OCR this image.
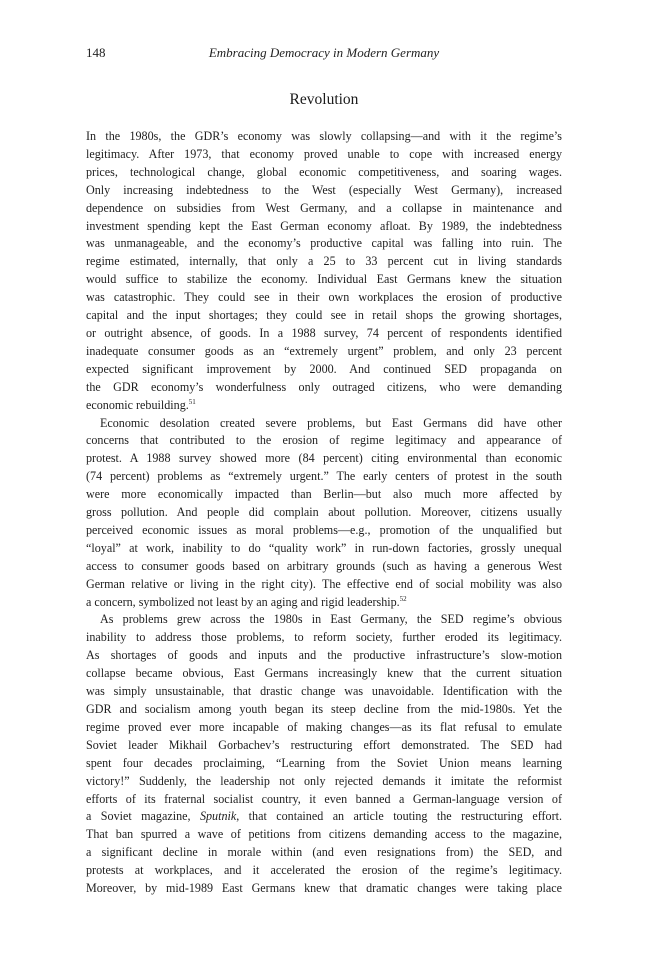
148	Embracing Democracy in Modern Germany
Revolution
In the 1980s, the GDR’s economy was slowly collapsing—and with it the regime’s
legitimacy. After 1973, that economy proved unable to cope with increased energy
prices, technological change, global economic competitiveness, and soaring wages.
Only increasing indebtedness to the West (especially West Germany), increased
dependence on subsidies from West Germany, and a collapse in maintenance and
investment spending kept the East German economy afloat. By 1989, the indebtedness
was unmanageable, and the economy’s productive capital was falling into ruin. The
regime estimated, internally, that only a 25 to 33 percent cut in living standards
would suffice to stabilize the economy. Individual East Germans knew the situation
was catastrophic. They could see in their own workplaces the erosion of productive
capital and the input shortages; they could see in retail shops the growing shortages,
or outright absence, of goods. In a 1988 survey, 74 percent of respondents identified
inadequate consumer goods as an “extremely urgent” problem, and only 23 percent
expected significant improvement by 2000. And continued SED propaganda on
the GDR economy’s wonderfulness only outraged citizens, who were demanding
economic rebuilding.$^{51}$
Economic desolation created severe problems, but East Germans did have other
concerns that contributed to the erosion of regime legitimacy and appearance of
protest. A 1988 survey showed more (84 percent) citing environmental than economic
(74 percent) problems as “extremely urgent.” The early centers of protest in the south
were more economically impacted than Berlin—but also much more affected by
gross pollution. And people did complain about pollution. Moreover, citizens usually
perceived economic issues as moral problems—e.g., promotion of the unqualified but
“loyal” at work, inability to do “quality work” in run-down factories, grossly unequal
access to consumer goods based on arbitrary grounds (such as having a generous West
German relative or living in the right city). The effective end of social mobility was also
a concern, symbolized not least by an aging and rigid leadership.$^{52}$
As problems grew across the 1980s in East Germany, the SED regime’s obvious
inability to address those problems, to reform society, further eroded its legitimacy.
As shortages of goods and inputs and the productive infrastructure’s slow-motion
collapse became obvious, East Germans increasingly knew that the current situation
was simply unsustainable, that drastic change was unavoidable. Identification with the
GDR and socialism among youth began its steep decline from the mid-1980s. Yet the
regime proved ever more incapable of making changes—as its flat refusal to emulate
Soviet leader Mikhail Gorbachev’s restructuring effort demonstrated. The SED had
spent four decades proclaiming, “Learning from the Soviet Union means learning
victory!” Suddenly, the leadership not only rejected demands it imitate the reformist
efforts of its fraternal socialist country, it even banned a German-language version of
a Soviet magazine, Sputnik, that contained an article touting the restructuring effort.
That ban spurred a wave of petitions from citizens demanding access to the magazine,
a significant decline in morale within (and even resignations from) the SED, and
protests at workplaces, and it accelerated the erosion of the regime’s legitimacy.
Moreover, by mid-1989 East Germans knew that dramatic changes were taking place
